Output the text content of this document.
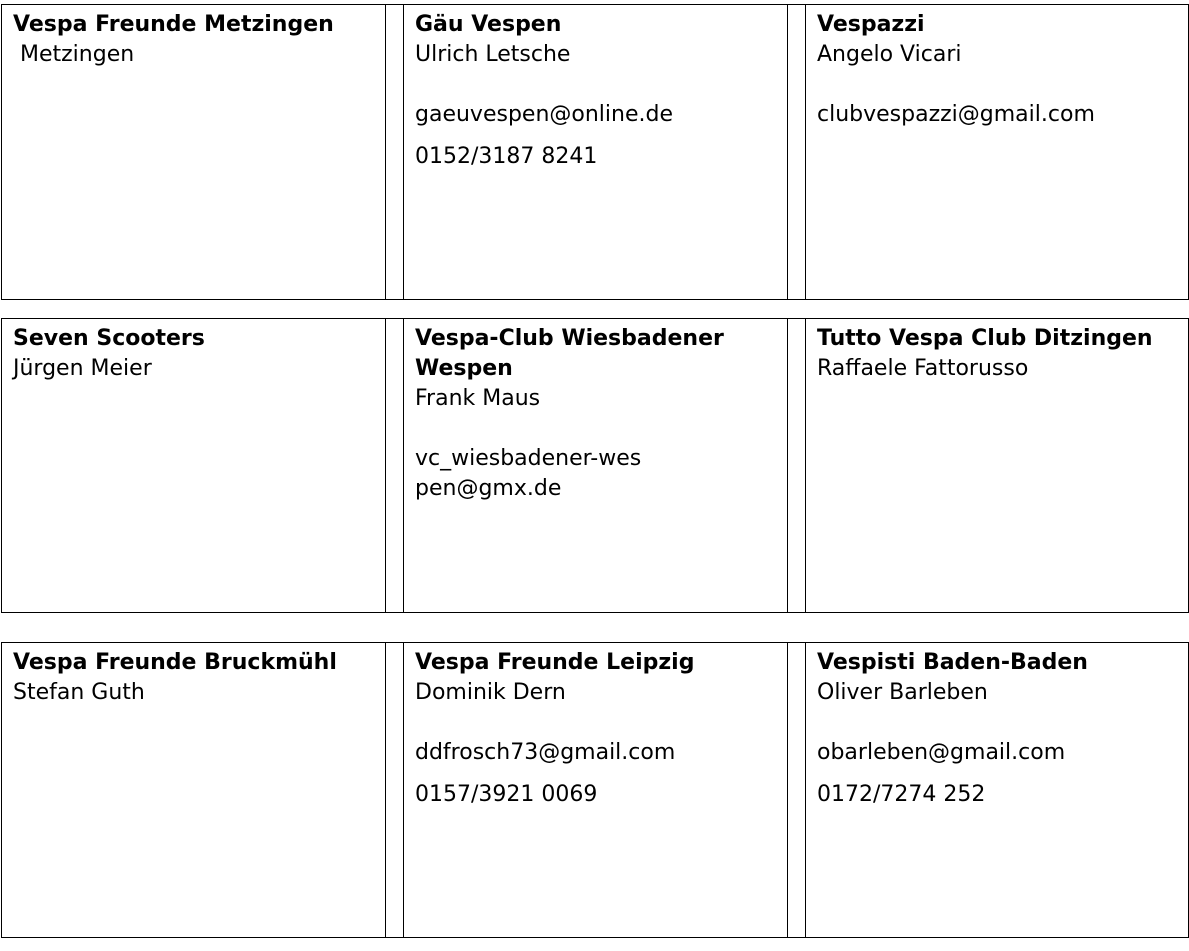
Vespa Freunde Metzingen
Metzingen
		Gäu Vespen
Ulrich Letsche
gaeuvespen@online.de
0152/3187 8241
		Vespazzi
Angelo Vicari
clubvespazzi@gmail.com
Seven Scooters
Jürgen Meier

Vespa-Club Wiesbadener Wespen
Frank Maus
vc_wiesbadener-wespen@gmx.de
		Tutto Vespa Club Ditzingen
Raffaele Fattorusso
Vespa Freunde Bruckmühl
Stefan Guth
		Vespa Freunde Leipzig
Dominik Dern
ddfrosch73@gmail.com
0157/3921 0069
		Vespisti Baden-Baden
Oliver Barleben
obarleben@gmail.com
0172/7274 252
